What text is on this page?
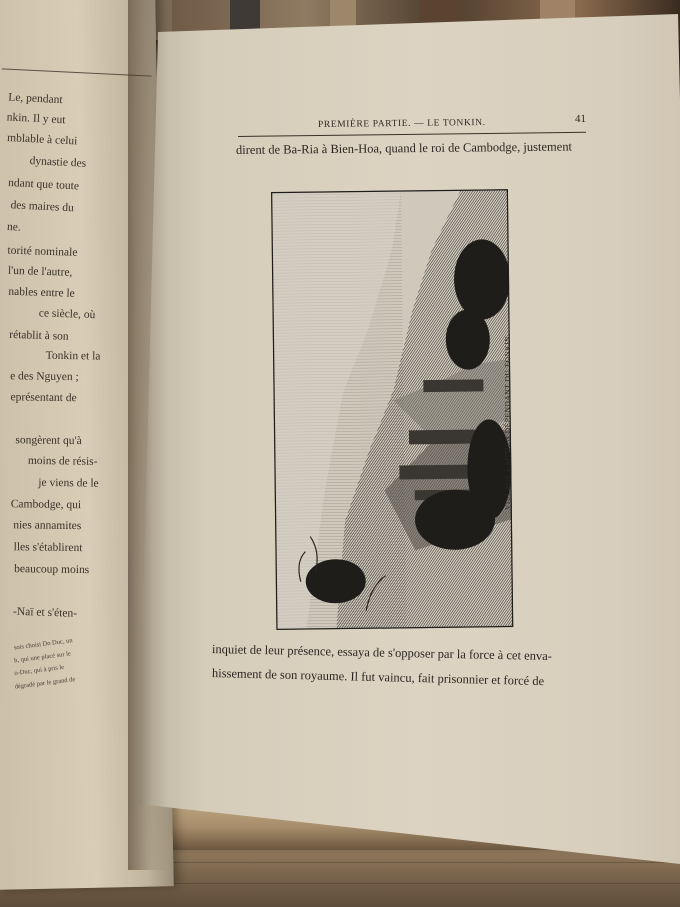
Le, pendant
nkin. Il y eut
mblable à celui
dynastie des
ndant que toute
des maires du
ne.
torité nominale
l'un de l'autre,
nables entre le
ce siècle, où
rétablit à son
Tonkin et la
e des Nguyen ;
eprésentant de
songèrent qu'à
moins de résis-
je viens de le
Cambodge, qui
nies annamites
lles s'établirent
beaucoup moins
-Naï et s'éten-
sois choisi Do Duc, un
h, qui une placé sur le
o-Duc, qui à pris le
dégradé par le grand de
PREMIÈRE PARTIE. — LE TONKIN.	41
dirent de Ba-Ria à Bien-Hoa, quand le roi de Cambodge, justement
VILLAGE LAOTIEN DÉPENDANT DU TONKIN.
inquiet de leur présence, essaya de s'opposer par la force à cet enva-
hissement de son royaume. Il fut vaincu, fait prisonnier et forcé de
